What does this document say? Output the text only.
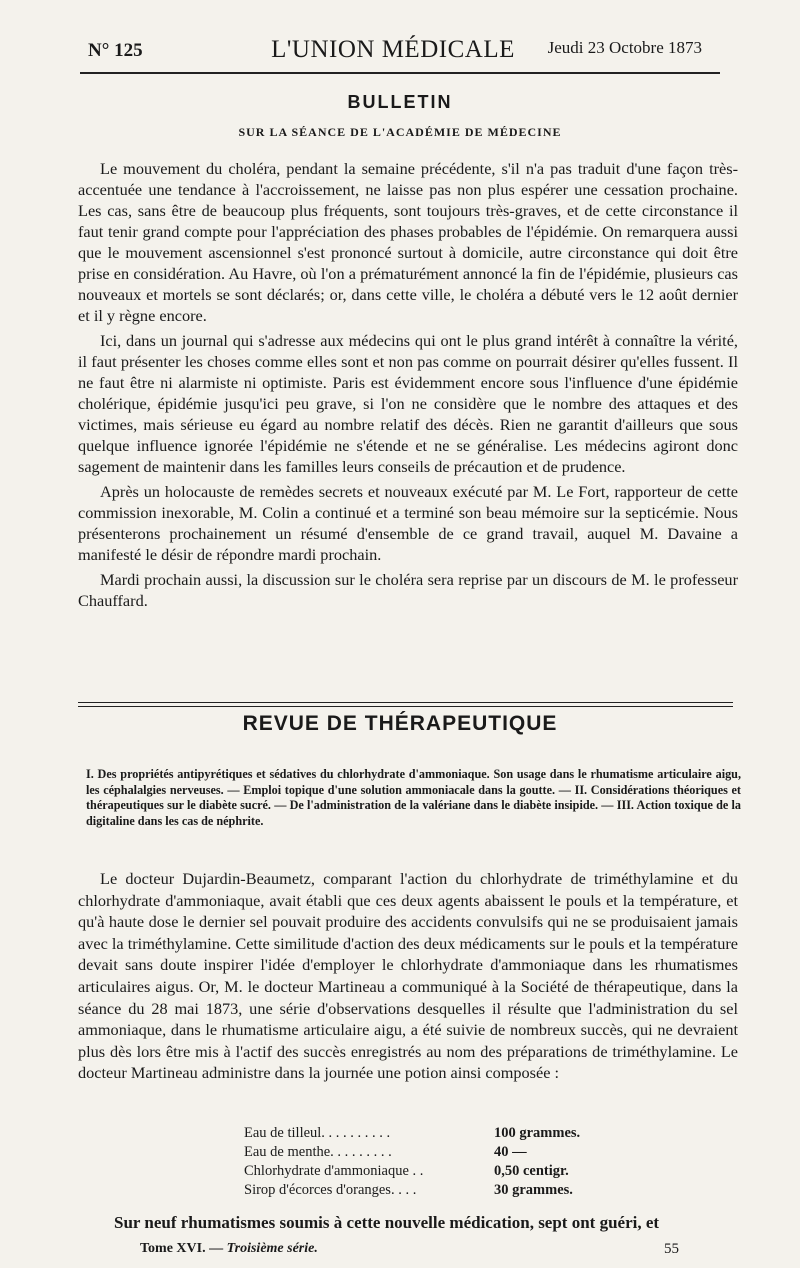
N° 125	L'UNION MÉDICALE	Jeudi 23 Octobre 1873
BULLETIN
SUR LA SÉANCE DE L'ACADÉMIE DE MÉDECINE

Le mouvement du choléra, pendant la semaine précédente, s'il n'a pas traduit d'une façon très-accentuée une tendance à l'accroissement, ne laisse pas non plus espérer une cessation prochaine. Les cas, sans être de beaucoup plus fréquents, sont toujours très-graves, et de cette circonstance il faut tenir grand compte pour l'appréciation des phases probables de l'épidémie. On remarquera aussi que le mouvement ascensionnel s'est prononcé surtout à domicile, autre circonstance qui doit être prise en considération. Au Havre, où l'on a prématurément annoncé la fin de l'épidémie, plusieurs cas nouveaux et mortels se sont déclarés; or, dans cette ville, le choléra a débuté vers le 12 août dernier et il y règne encore.

Ici, dans un journal qui s'adresse aux médecins qui ont le plus grand intérêt à connaître la vérité, il faut présenter les choses comme elles sont et non pas comme on pourrait désirer qu'elles fussent. Il ne faut être ni alarmiste ni optimiste. Paris est évidemment encore sous l'influence d'une épidémie cholérique, épidémie jusqu'ici peu grave, si l'on ne considère que le nombre des attaques et des victimes, mais sérieuse eu égard au nombre relatif des décès. Rien ne garantit d'ailleurs que sous quelque influence ignorée l'épidémie ne s'étende et ne se généralise. Les médecins agiront donc sagement de maintenir dans les familles leurs conseils de précaution et de prudence.

Après un holocauste de remèdes secrets et nouveaux exécuté par M. Le Fort, rapporteur de cette commission inexorable, M. Colin a continué et a terminé son beau mémoire sur la septicémie. Nous présenterons prochainement un résumé d'ensemble de ce grand travail, auquel M. Davaine a manifesté le désir de répondre mardi prochain.

Mardi prochain aussi, la discussion sur le choléra sera reprise par un discours de M. le professeur Chauffard.

REVUE DE THÉRAPEUTIQUE
I. Des propriétés antipyrétiques et sédatives du chlorhydrate d'ammoniaque. Son usage dans le rhumatisme articulaire aigu, les céphalalgies nerveuses. — Emploi topique d'une solution ammoniacale dans la goutte. — II. Considérations théoriques et thérapeutiques sur le diabète sucré. — De l'administration de la valériane dans le diabète insipide. — III. Action toxique de la digitaline dans les cas de néphrite.

Le docteur Dujardin-Beaumetz, comparant l'action du chlorhydrate de triméthylamine et du chlorhydrate d'ammoniaque, avait établi que ces deux agents abaissent le pouls et la température, et qu'à haute dose le dernier sel pouvait produire des accidents convulsifs qui ne se produisaient jamais avec la triméthylamine. Cette similitude d'action des deux médicaments sur le pouls et la température devait sans doute inspirer l'idée d'employer le chlorhydrate d'ammoniaque dans les rhumatismes articulaires aigus. Or, M. le docteur Martineau a communiqué à la Société de thérapeutique, dans la séance du 28 mai 1873, une série d'observations desquelles il résulte que l'administration du sel ammoniaque, dans le rhumatisme articulaire aigu, a été suivie de nombreux succès, qui ne devraient plus dès lors être mis à l'actif des succès enregistrés au nom des préparations de triméthylamine. Le docteur Martineau administre dans la journée une potion ainsi composée :

Eau de tilleul. . . . . . . . . .	100 grammes.
Eau de menthe. . . . . . . . .	40 —
Chlorhydrate d'ammoniaque . .	0,50 centigr.
Sirop d'écorces d'oranges. . . .	30 grammes.
Sur neuf rhumatismes soumis à cette nouvelle médication, sept ont guéri, et
Tome XVI. — Troisième série.	55
